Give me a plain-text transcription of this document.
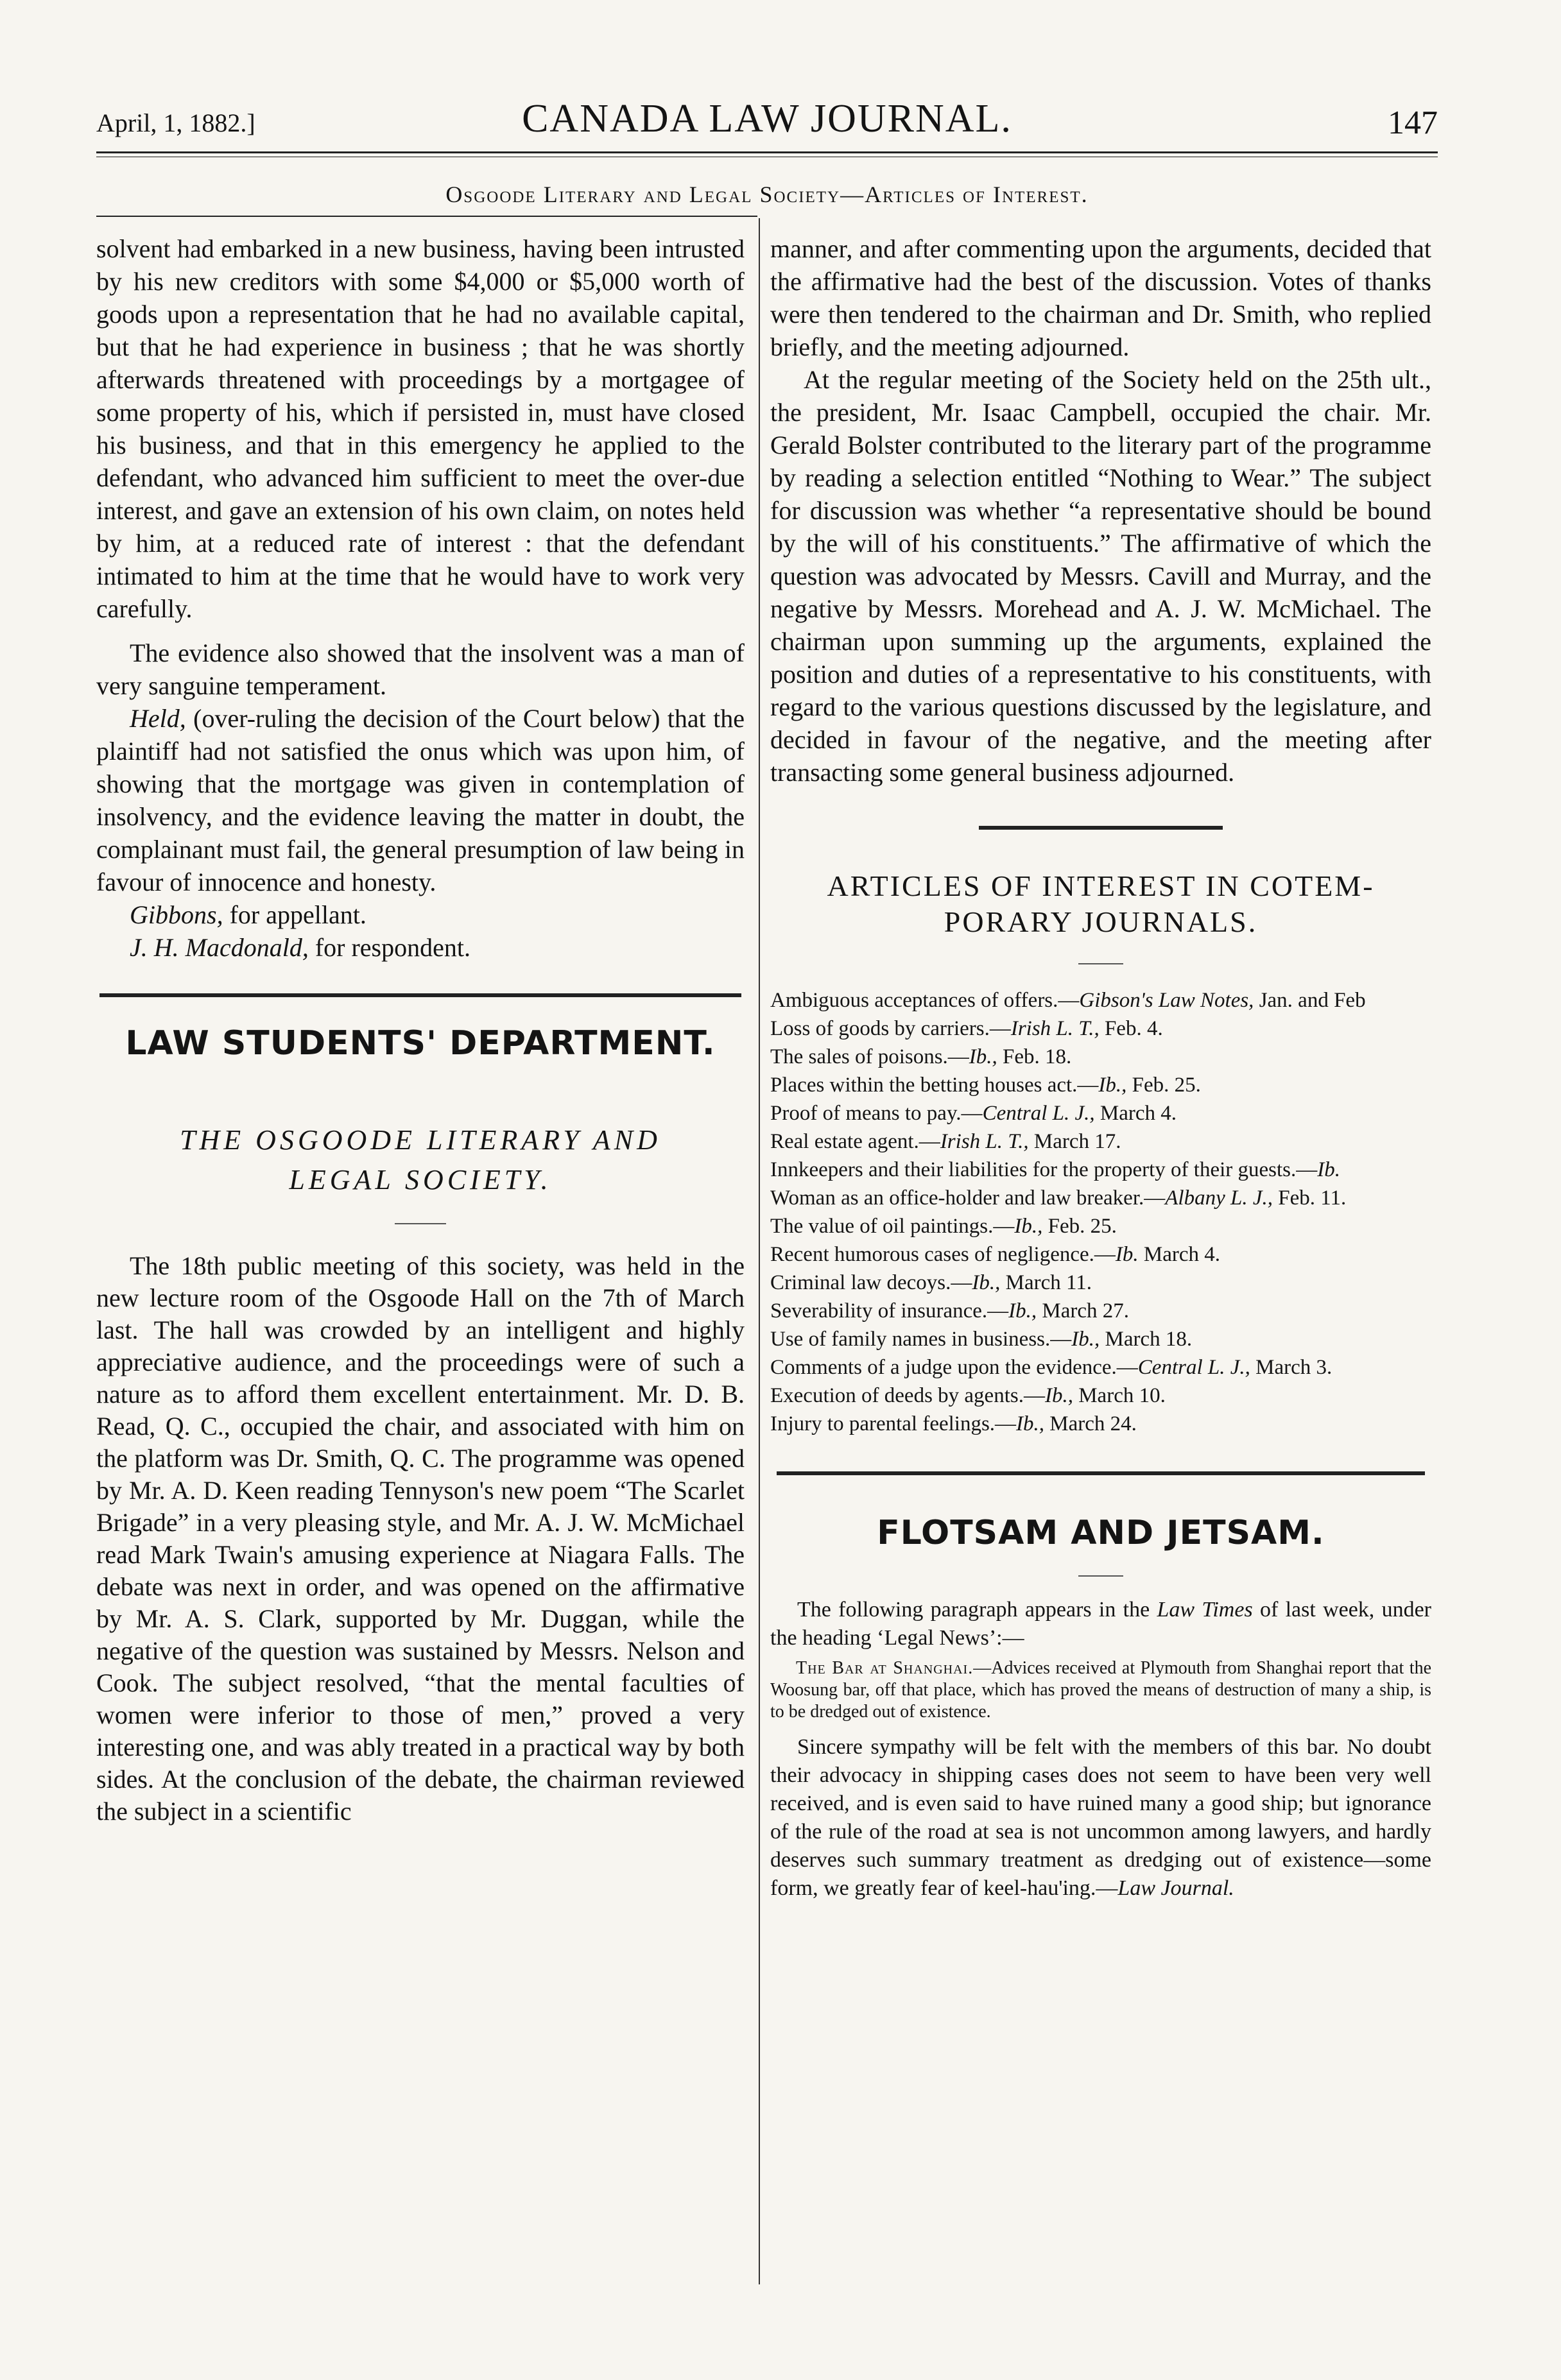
April, 1, 1882.]	CANADA LAW JOURNAL.	147
Osgoode Literary and Legal Society—Articles of Interest.

solvent had embarked in a new business, having been intrusted by his new creditors with some $4,000 or $5,000 worth of goods upon a representation that he had no available capital, but that he had experience in business ; that he was shortly afterwards threatened with proceedings by a mortgagee of some property of his, which if persisted in, must have closed his business, and that in this emergency he applied to the defendant, who advanced him sufficient to meet the over-due interest, and gave an extension of his own claim, on notes held by him, at a reduced rate of interest : that the defendant intimated to him at the time that he would have to work very carefully.

The evidence also showed that the insolvent was a man of very sanguine temperament.

Held, (over-ruling the decision of the Court below) that the plaintiff had not satisfied the onus which was upon him, of showing that the mortgage was given in contemplation of insolvency, and the evidence leaving the matter in doubt, the complainant must fail, the general presumption of law being in favour of innocence and honesty.

Gibbons, for appellant.

J. H. Macdonald, for respondent.

LAW STUDENTS' DEPARTMENT.

THE OSGOODE LITERARY AND

LEGAL SOCIETY.

The 18th public meeting of this society, was held in the new lecture room of the Osgoode Hall on the 7th of March last. The hall was crowded by an intelligent and highly appreciative audience, and the proceedings were of such a nature as to afford them excellent entertainment. Mr. D. B. Read, Q. C., occupied the chair, and associated with him on the platform was Dr. Smith, Q. C. The programme was opened by Mr. A. D. Keen reading Tennyson's new poem “The Scarlet Brigade” in a very pleasing style, and Mr. A. J. W. McMichael read Mark Twain's amusing experience at Niagara Falls. The debate was next in order, and was opened on the affirmative by Mr. A. S. Clark, supported by Mr. Duggan, while the negative of the question was sustained by Messrs. Nelson and Cook. The subject resolved, “that the mental faculties of women were inferior to those of men,” proved a very interesting one, and was ably treated in a practical way by both sides. At the conclusion of the debate, the chairman reviewed the subject in a scientific

manner, and after commenting upon the arguments, decided that the affirmative had the best of the discussion. Votes of thanks were then tendered to the chairman and Dr. Smith, who replied briefly, and the meeting adjourned.

At the regular meeting of the Society held on the 25th ult., the president, Mr. Isaac Campbell, occupied the chair. Mr. Gerald Bolster contributed to the literary part of the programme by reading a selection entitled “Nothing to Wear.” The subject for discussion was whether “a representative should be bound by the will of his constituents.” The affirmative of which the question was advocated by Messrs. Cavill and Murray, and the negative by Messrs. Morehead and A. J. W. McMichael. The chairman upon summing up the arguments, explained the position and duties of a representative to his constituents, with regard to the various questions discussed by the legislature, and decided in favour of the negative, and the meeting after transacting some general business adjourned.

ARTICLES OF INTEREST IN COTEM-

PORARY JOURNALS.

Ambiguous acceptances of offers.—Gibson's Law Notes, Jan. and Feb
Loss of goods by carriers.—Irish L. T., Feb. 4.
The sales of poisons.—Ib., Feb. 18.
Places within the betting houses act.—Ib., Feb. 25.
Proof of means to pay.—Central L. J., March 4.
Real estate agent.—Irish L. T., March 17.
Innkeepers and their liabilities for the property of their guests.—Ib.
Woman as an office-holder and law breaker.—Albany L. J., Feb. 11.
The value of oil paintings.—Ib., Feb. 25.
Recent humorous cases of negligence.—Ib. March 4.
Criminal law decoys.—Ib., March 11.
Severability of insurance.—Ib., March 27.
Use of family names in business.—Ib., March 18.
Comments of a judge upon the evidence.—Central L. J., March 3.
Execution of deeds by agents.—Ib., March 10.
Injury to parental feelings.—Ib., March 24.
FLOTSAM AND JETSAM.

The following paragraph appears in the Law Times of last week, under the heading ‘Legal News’:—

The Bar at Shanghai.—Advices received at Plymouth from Shanghai report that the Woosung bar, off that place, which has proved the means of destruction of many a ship, is to be dredged out of existence.

Sincere sympathy will be felt with the members of this bar. No doubt their advocacy in shipping cases does not seem to have been very well received, and is even said to have ruined many a good ship; but ignorance of the rule of the road at sea is not uncommon among lawyers, and hardly deserves such summary treatment as dredging out of existence—some form, we greatly fear of keel-hau'ing.—Law Journal.
